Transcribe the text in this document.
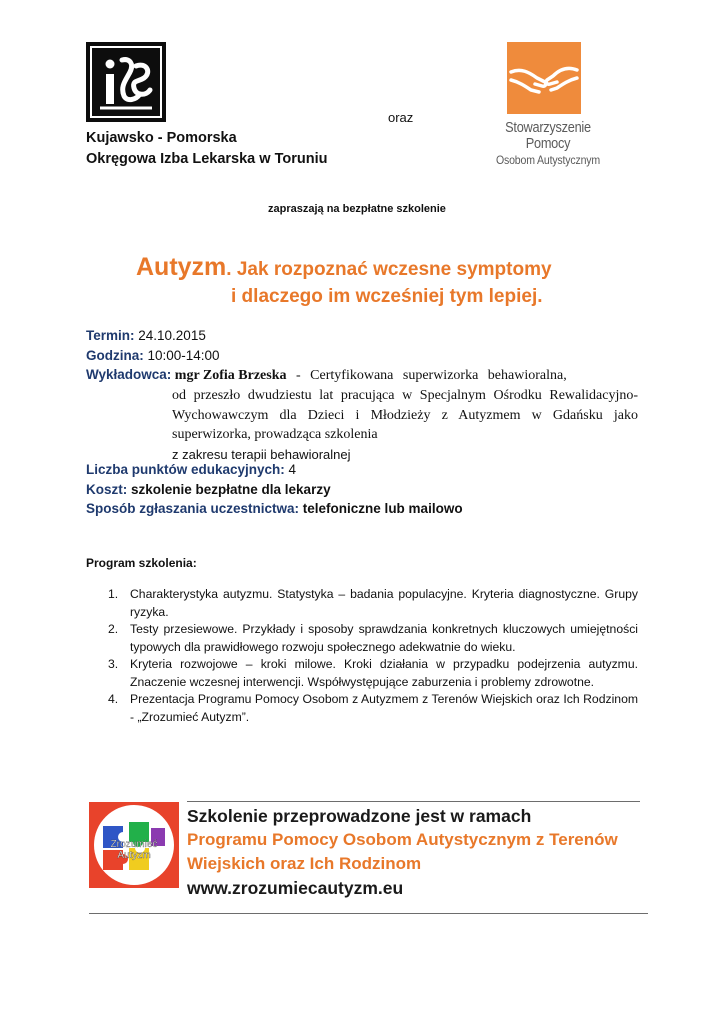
Kujawsko - Pomorska
Okręgowa Izba Lekarska w Toruniu
oraz
Stowarzyszenie Pomocy
Osobom Autystycznym
zapraszają na bezpłatne szkolenie
Autyzm. Jak rozpoznać wczesne symptomy
i dlaczego im wcześniej tym lepiej.
Termin: 24.10.2015
Godzina: 10:00-14:00
Wykładowca: mgr Zofia Brzeska - Certyfikowana superwizorka behawioralna,
od przeszło dwudziestu lat pracująca w Specjalnym Ośrodku Rewalidacyjno-Wychowawczym dla Dzieci i Młodzieży z Autyzmem w Gdańsku jako superwizorka, prowadząca szkolenia
z zakresu terapii behawioralnej
Liczba punktów edukacyjnych: 4
Koszt: szkolenie bezpłatne dla lekarzy
Sposób zgłaszania uczestnictwa: telefoniczne lub mailowo
Program szkolenia:
1. Charakterystyka autyzmu. Statystyka – badania populacyjne. Kryteria diagnostyczne. Grupy ryzyka.
2. Testy przesiewowe. Przykłady i sposoby sprawdzania konkretnych kluczowych umiejętności typowych dla prawidłowego rozwoju społecznego adekwatnie do wieku.
3. Kryteria rozwojowe – kroki milowe. Kroki działania w przypadku podejrzenia autyzmu. Znaczenie wczesnej interwencji. Współwystępujące zaburzenia i problemy zdrowotne.
4. Prezentacja Programu Pomocy Osobom z Autyzmem z Terenów Wiejskich oraz Ich Rodzinom - „Zrozumieć Autyzm”.
Zrozumieć
Autyzm
Szkolenie przeprowadzone jest w ramach
Programu Pomocy Osobom Autystycznym z Terenów
Wiejskich oraz Ich Rodzinom
www.zrozumiecautyzm.eu
